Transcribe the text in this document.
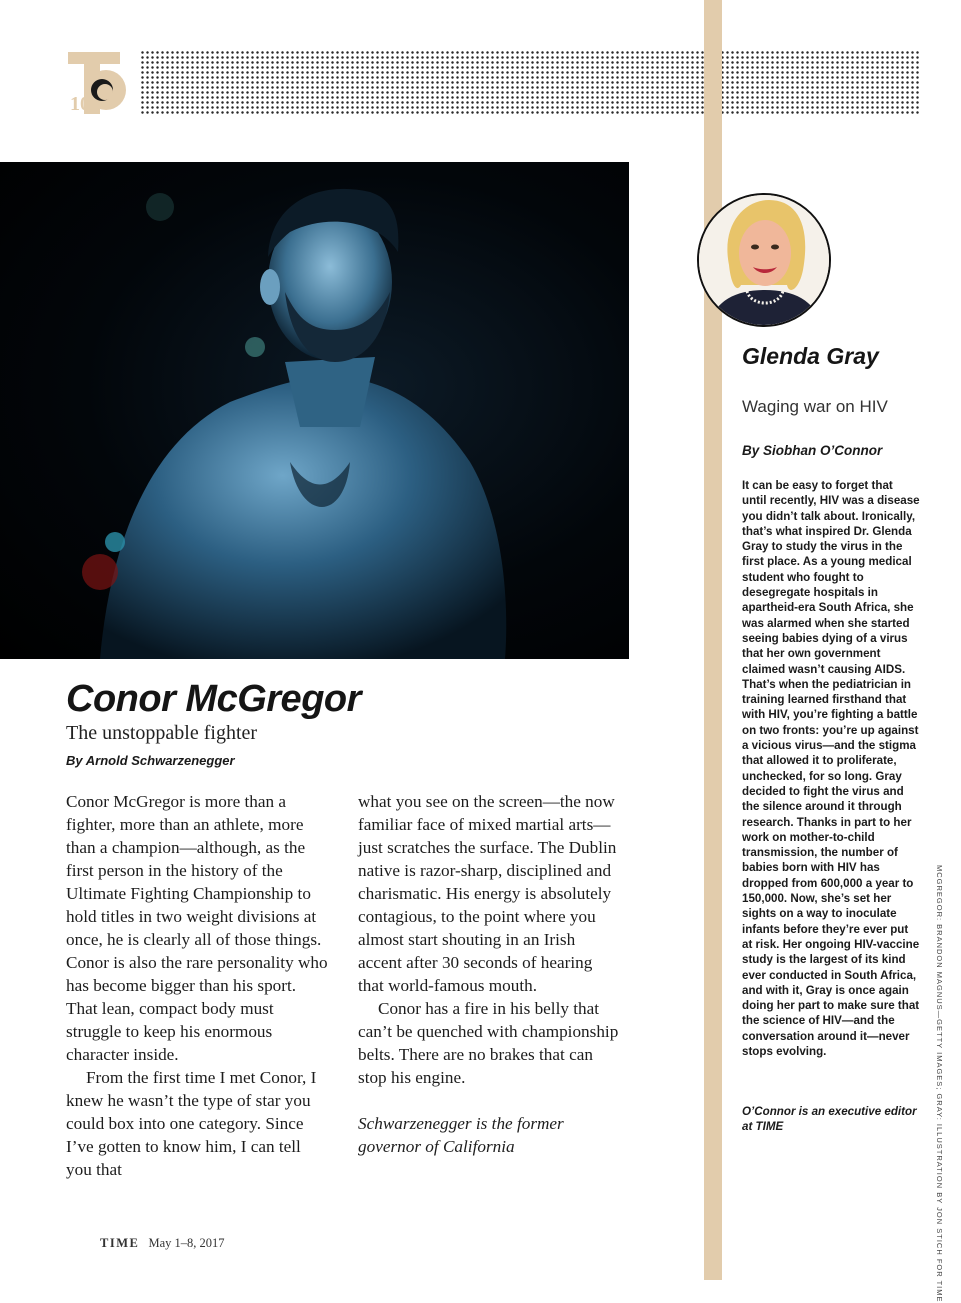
10
Conor McGregor
The unstoppable fighter
By Arnold Schwarzenegger

Conor McGregor is more than a fighter, more than an athlete, more than a champion—although, as the first person in the history of the Ultimate Fighting Championship to hold titles in two weight divisions at once, he is clearly all of those things. Conor is also the rare personality who has become bigger than his sport. That lean, compact body must struggle to keep his enormous character inside.

From the first time I met Conor, I knew he wasn’t the type of star you could box into one category. Since I’ve gotten to know him, I can tell you that

what you see on the screen—the now familiar face of mixed martial arts—just scratches the surface. The Dublin native is razor-sharp, disciplined and charismatic. His energy is absolutely contagious, to the point where you almost start shouting in an Irish accent after 30 seconds of hearing that world-famous mouth.

Conor has a fire in his belly that can’t be quenched with championship belts. There are no brakes that can stop his engine.

Schwarzenegger is the former governor of California

TIME May 1–8, 2017
Glenda Gray
Waging war on HIV
By Siobhan O’Connor

It can be easy to forget that until recently, HIV was a disease you didn’t talk about. Ironically, that’s what inspired Dr. Glenda Gray to study the virus in the first place. As a young medical student who fought to desegregate hospitals in apartheid-era South Africa, she was alarmed when she started seeing babies dying of a virus that her own government claimed wasn’t causing AIDS. That’s when the pediatrician in training learned firsthand that with HIV, you’re fighting a battle on two fronts: you’re up against a vicious virus—and the stigma that allowed it to proliferate, unchecked, for so long. Gray decided to fight the virus and the silence around it through research. Thanks in part to her work on mother-to-child transmission, the number of babies born with HIV has dropped from 600,000 a year to 150,000. Now, she’s set her sights on a way to inoculate infants before they’re ever put at risk. Her ongoing HIV-vaccine study is the largest of its kind ever conducted in South Africa, and with it, Gray is once again doing her part to make sure that the science of HIV—and the conversation around it—never stops evolving.

O’Connor is an executive editor at TIME	MCGREGOR: BRANDON MAGNUS—GETTY IMAGES; GRAY: ILLUSTRATION BY JON STICH FOR TIME
